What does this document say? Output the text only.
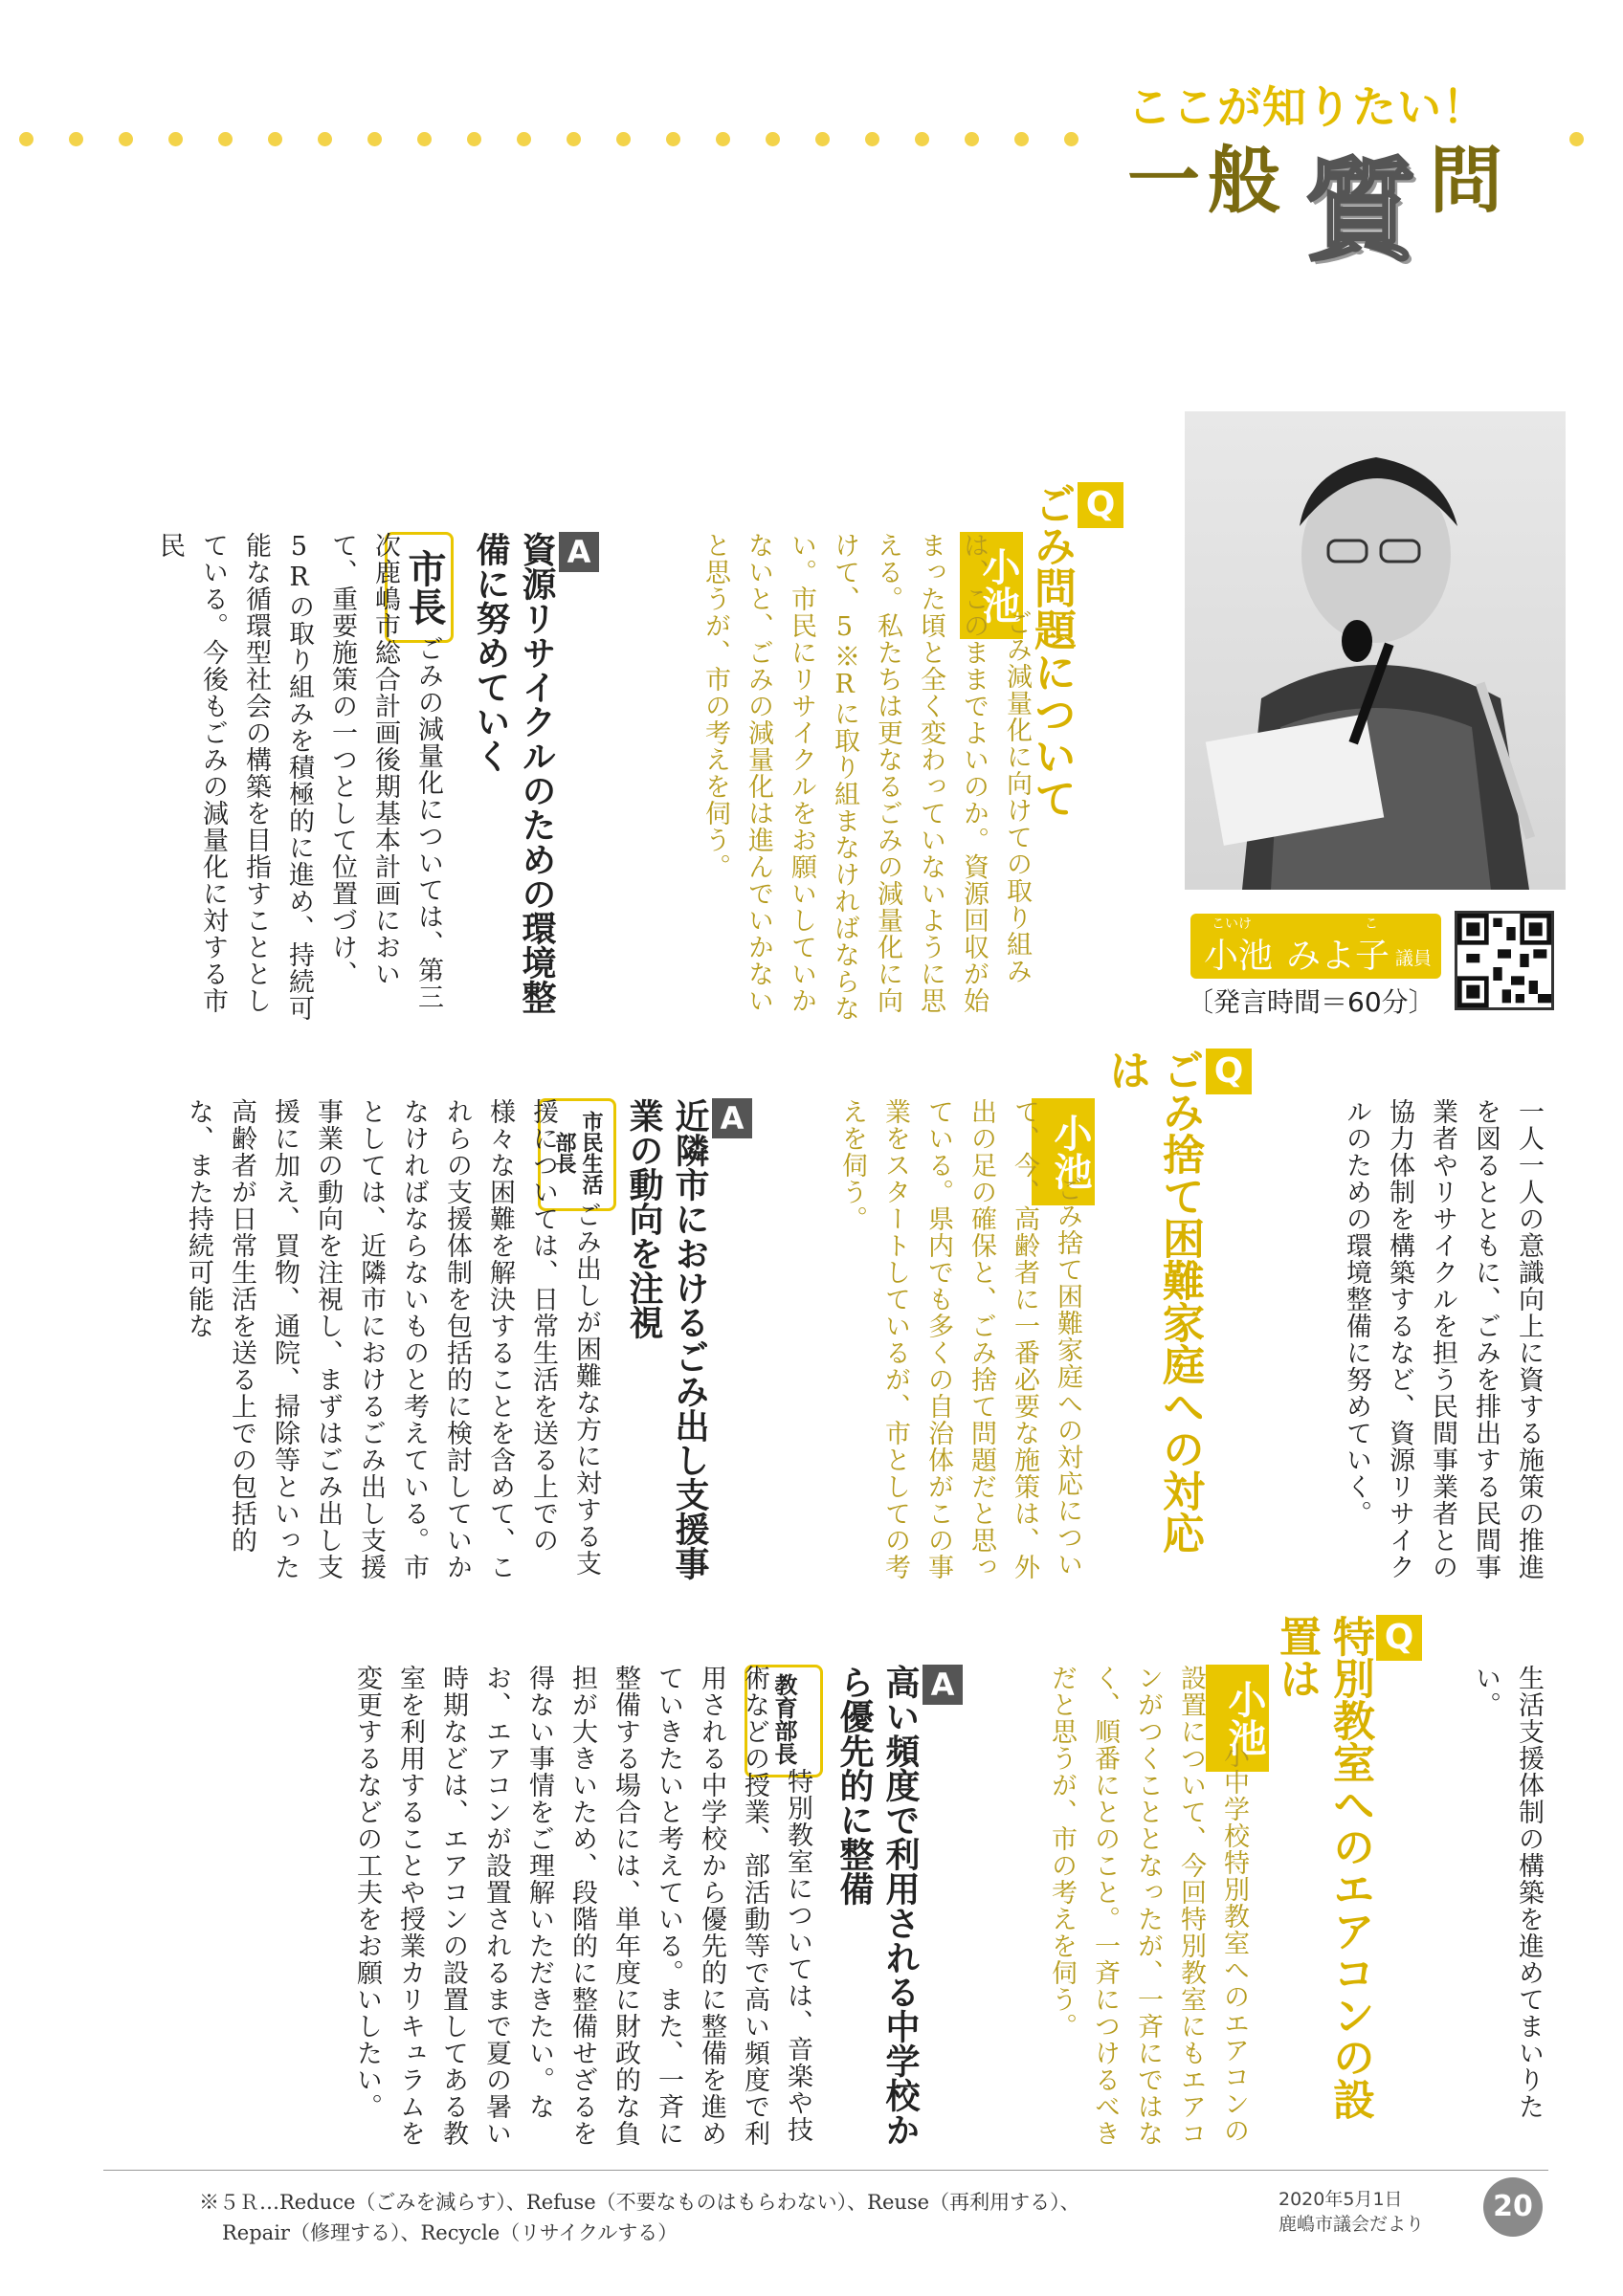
ここが知りたい！
一 般 質 問
こいけ	こ
小池 みよ子 議員
〔発言時間＝60分〕
Q
ごみ問題について
小池
ごみ減量化に向けての取り組みは、このままでよいのか。資源回収が始まった頃と全く変わっていないように思える。私たちは更なるごみの減量化に向けて、5※Rに取り組まなければならない。市民にリサイクルをお願いしていかないと、ごみの減量化は進んでいかないと思うが、市の考えを伺う。
A
資源リサイクルのための環境整備に努めていく
市長
ごみの減量化については、第三次鹿嶋市総合計画後期基本計画において、重要施策の一つとして位置づけ、5Rの取り組みを積極的に進め、持続可能な循環型社会の構築を目指すこととしている。今後もごみの減量化に対する市民
一人一人の意識向上に資する施策の推進を図るとともに、ごみを排出する民間事業者やリサイクルを担う民間事業者との協力体制を構築するなど、資源リサイクルのための環境整備に努めていく。
Q
ごみ捨て困難家庭への対応は
小池
ごみ捨て困難家庭への対応について、今、高齢者に一番必要な施策は、外出の足の確保と、ごみ捨て問題だと思っている。県内でも多くの自治体がこの事業をスタートしているが、市としての考えを伺う。
A
近隣市におけるごみ出し支援事業の動向を注視
市民生活部長
ごみ出しが困難な方に対する支援については、日常生活を送る上での様々な困難を解決することを含めて、これらの支援体制を包括的に検討していかなければならないものと考えている。市としては、近隣市におけるごみ出し支援事業の動向を注視し、まずはごみ出し支援に加え、買物、通院、掃除等といった高齢者が日常生活を送る上での包括的な、また持続可能な
生活支援体制の構築を進めてまいりたい。
Q
特別教室へのエアコンの設置は
小池
小中学校特別教室へのエアコンの設置について、今回特別教室にもエアコンがつくこととなったが、一斉にではなく、順番にとのこと。一斉につけるべきだと思うが、市の考えを伺う。
A
高い頻度で利用される中学校から優先的に整備
教育部長
特別教室については、音楽や技術などの授業、部活動等で高い頻度で利用される中学校から優先的に整備を進めていきたいと考えている。また、一斉に整備する場合には、単年度に財政的な負担が大きいため、段階的に整備せざるを得ない事情をご理解いただきたい。なお、エアコンが設置されるまで夏の暑い時期などは、エアコンの設置してある教室を利用することや授業カリキュラムを変更するなどの工夫をお願いしたい。
※５Ｒ…Reduce（ごみを減らす）、Refuse（不要なものはもらわない）、Reuse（再利用する）、
Repair（修理する）、Recycle（リサイクルする）
2020年5月1日
鹿嶋市議会だより
20
